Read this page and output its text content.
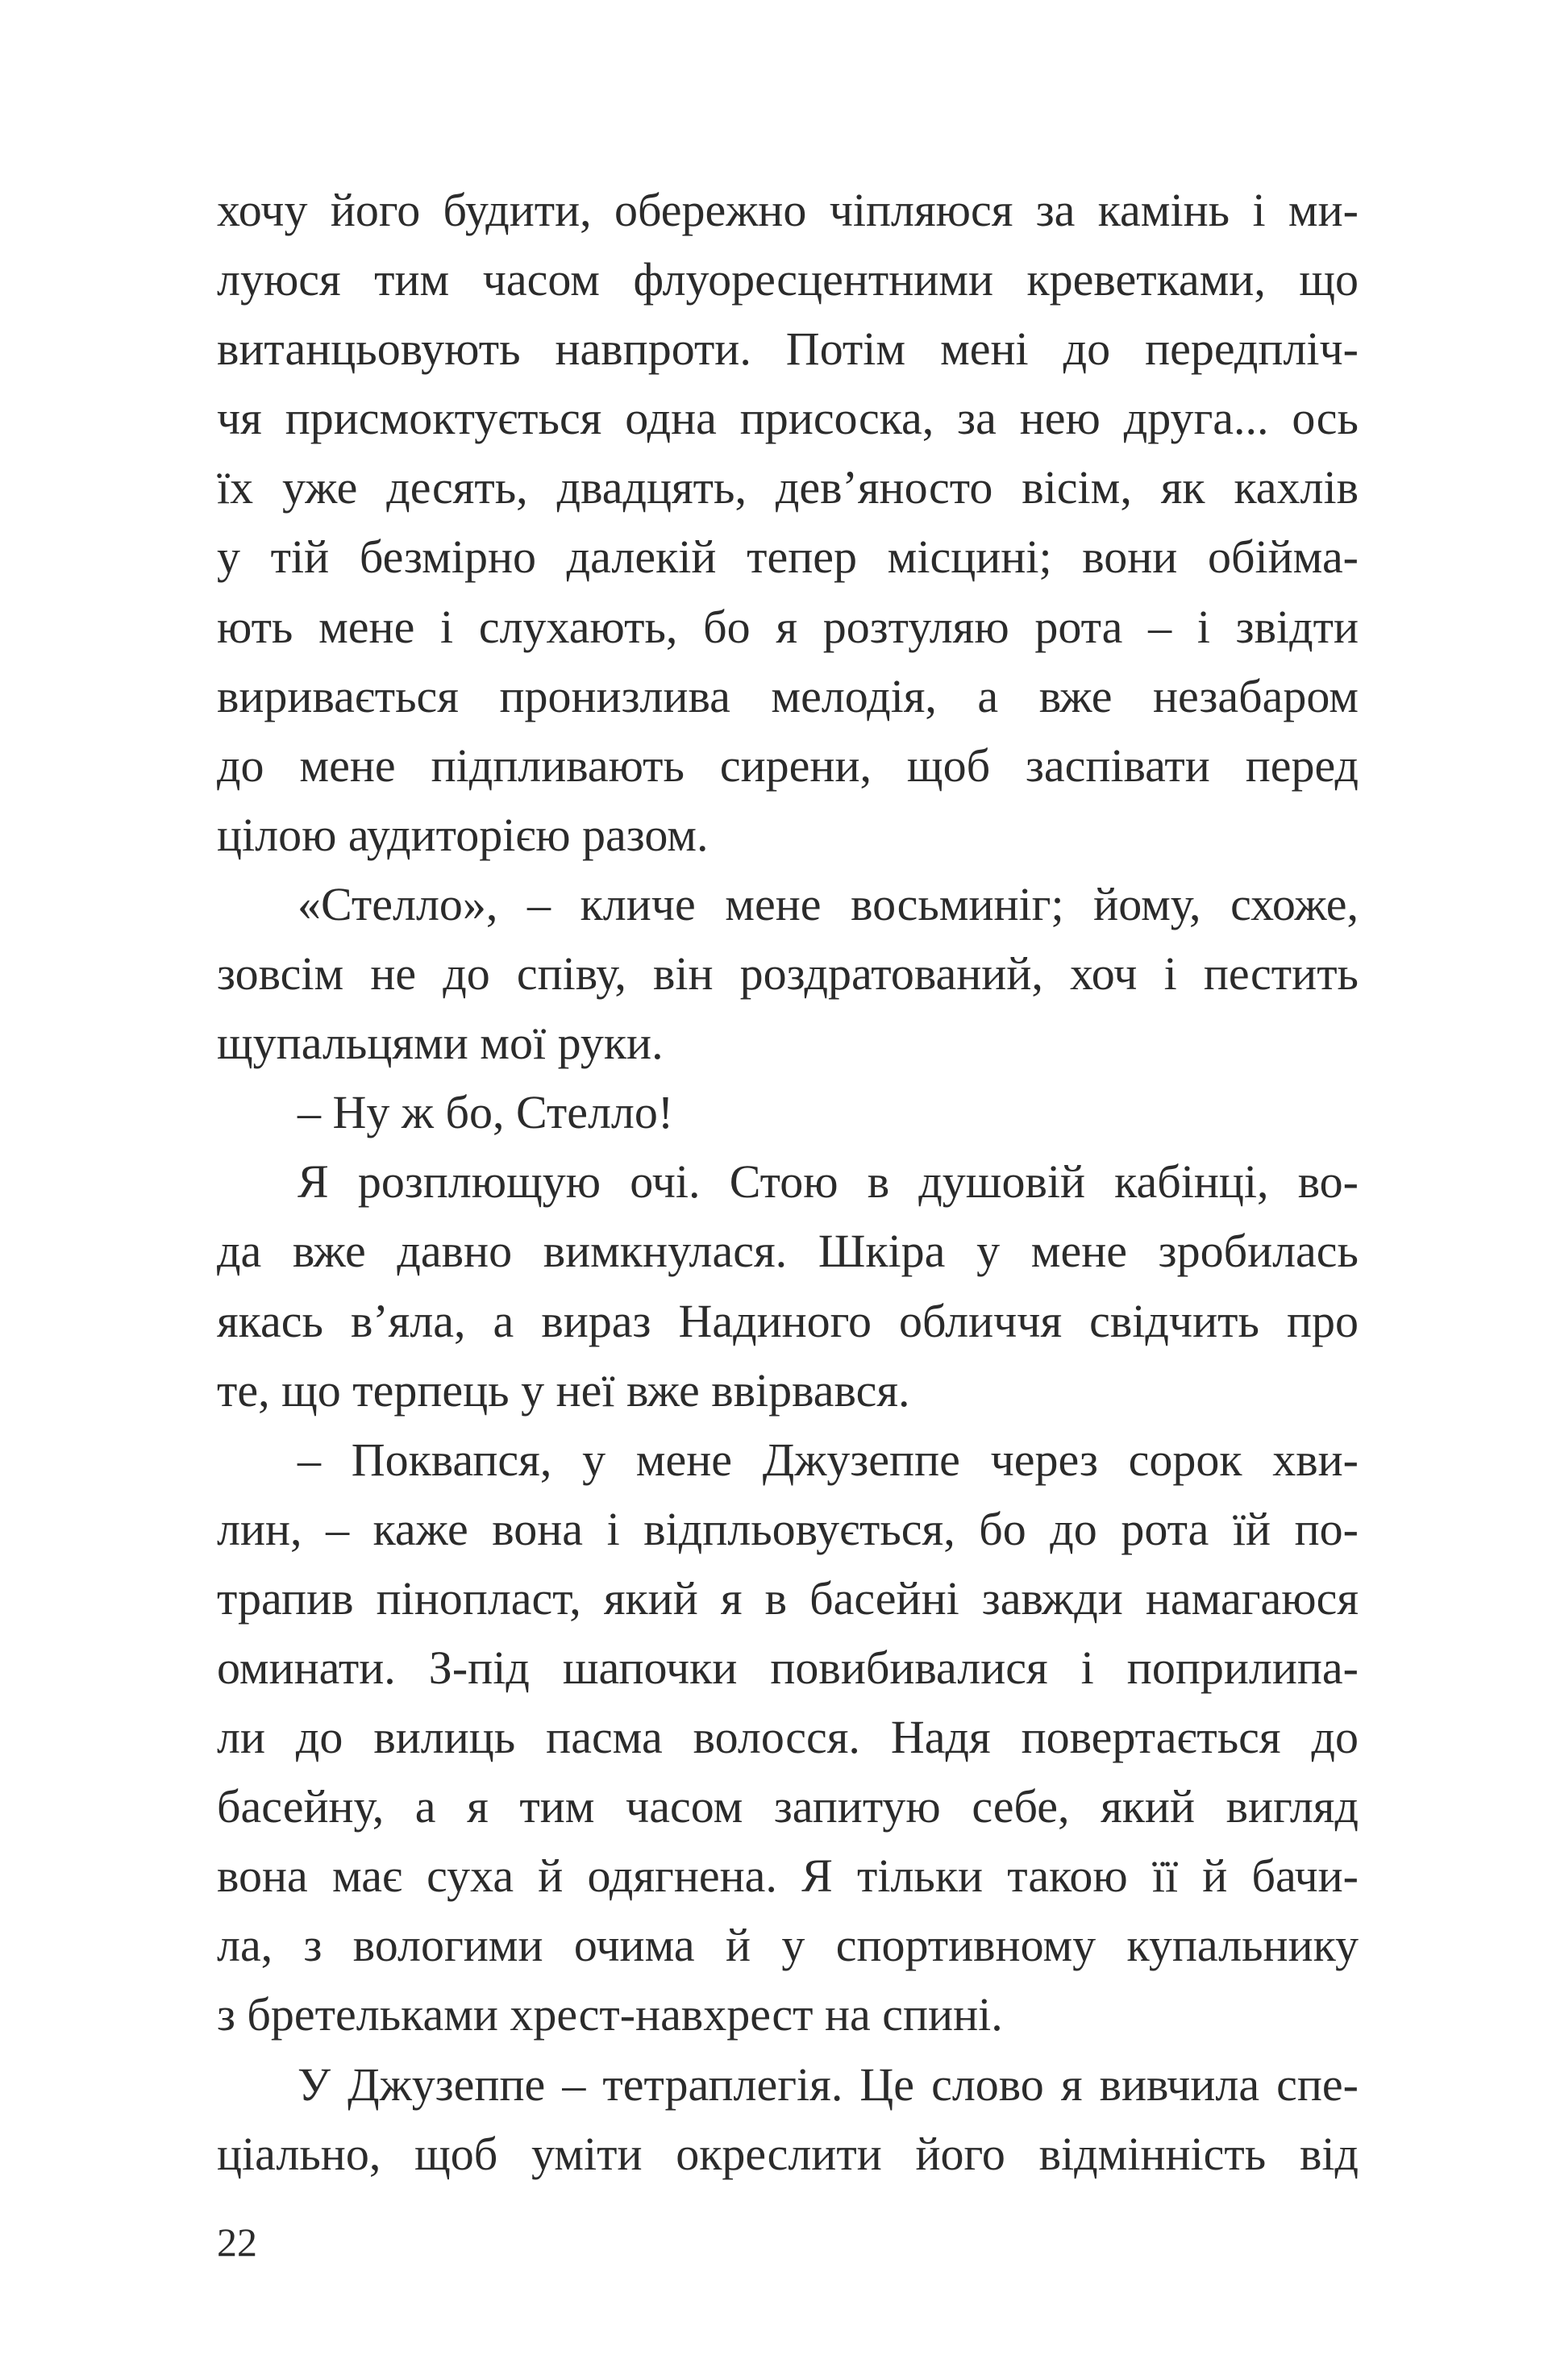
хочу його будити, обережно чіпляюся за камінь і ми-
луюся тим часом флуоресцентними креветками, що
витанцьовують навпроти. Потім мені до передпліч-
чя присмоктується одна присоска, за нею друга... ось
їх уже десять, двадцять, дев’яносто вісім, як кахлів
у тій безмірно далекій тепер місцині; вони обійма-
ють мене і слухають, бо я розтуляю рота – і звідти
виривається пронизлива мелодія, а вже незабаром
до мене підпливають сирени, щоб заспівати перед
цілою аудиторією разом.
«Стелло», – кличе мене восьминіг; йому, схоже,
зовсім не до співу, він роздратований, хоч і пестить
щупальцями мої руки.
– Ну ж бо, Стелло!
Я розплющую очі. Стою в душовій кабінці, во-
да вже давно вимкнулася. Шкіра у мене зробилась
якась в’яла, а вираз Надиного обличчя свідчить про
те, що терпець у неї вже ввірвався.
– Поквапся, у мене Джузеппе через сорок хви-
лин, – каже вона і відпльовується, бо до рота їй по-
трапив пінопласт, який я в басейні завжди намагаюся
оминати. З-під шапочки повибивалися і поприлипа-
ли до вилиць пасма волосся. Надя повертається до
басейну, а я тим часом запитую себе, який вигляд
вона має суха й одягнена. Я тільки такою її й бачи-
ла, з вологими очима й у спортивному купальнику
з бретельками хрест-навхрест на спині.
У Джузеппе – тетраплегія. Це слово я вивчила спе-
ціально, щоб уміти окреслити його відмінність від
22
